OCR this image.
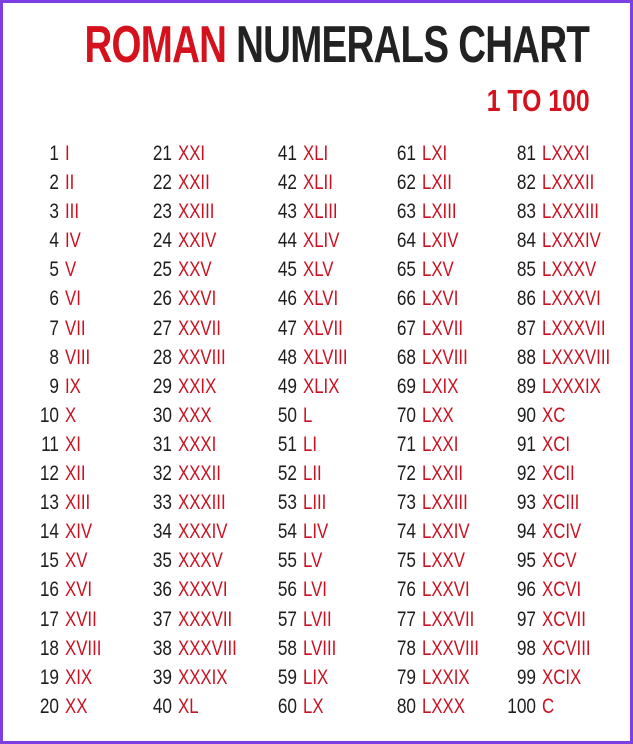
ROMAN NUMERALS CHART
1 TO 100
1 I
2 II
3 III
4 IV
5 V
6 VI
7 VII
8 VIII
9 IX
10 X
11 XI
12 XII
13 XIII
14 XIV
15 XV
16 XVI
17 XVII
18 XVIII
19 XIX
20 XX
21 XXI
22 XXII
23 XXIII
24 XXIV
25 XXV
26 XXVI
27 XXVII
28 XXVIII
29 XXIX
30 XXX
31 XXXI
32 XXXII
33 XXXIII
34 XXXIV
35 XXXV
36 XXXVI
37 XXXVII
38 XXXVIII
39 XXXIX
40 XL
41 XLI
42 XLII
43 XLIII
44 XLIV
45 XLV
46 XLVI
47 XLVII
48 XLVIII
49 XLIX
50 L
51 LI
52 LII
53 LIII
54 LIV
55 LV
56 LVI
57 LVII
58 LVIII
59 LIX
60 LX
61 LXI
62 LXII
63 LXIII
64 LXIV
65 LXV
66 LXVI
67 LXVII
68 LXVIII
69 LXIX
70 LXX
71 LXXI
72 LXXII
73 LXXIII
74 LXXIV
75 LXXV
76 LXXVI
77 LXXVII
78 LXXVIII
79 LXXIX
80 LXXX
81 LXXXI
82 LXXXII
83 LXXXIII
84 LXXXIV
85 LXXXV
86 LXXXVI
87 LXXXVII
88 LXXXVIII
89 LXXXIX
90 XC
91 XCI
92 XCII
93 XCIII
94 XCIV
95 XCV
96 XCVI
97 XCVII
98 XCVIII
99 XCIX
100 C
